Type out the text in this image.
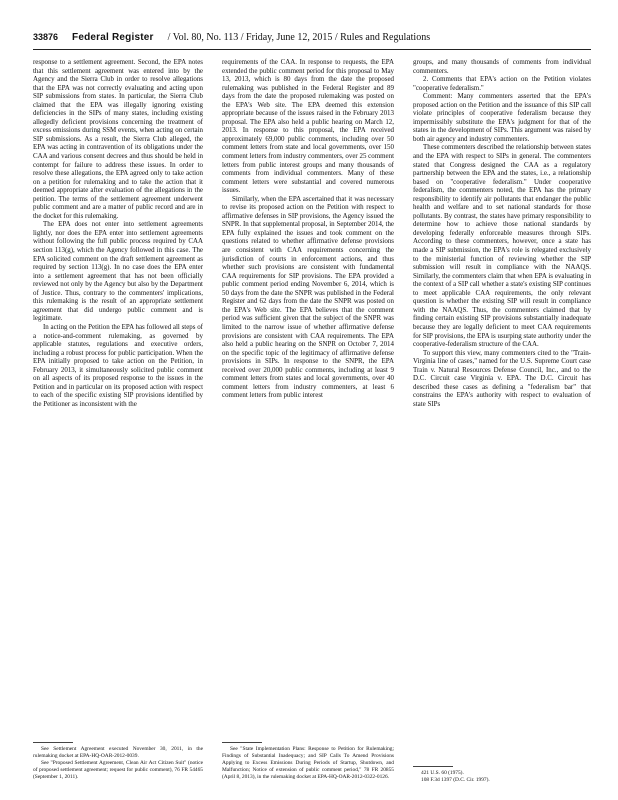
33876 Federal Register / Vol. 80, No. 113 / Friday, June 12, 2015 / Rules and Regulations

response to a settlement agreement. Second, the EPA notes that this settlement agreement was entered into by the Agency and the Sierra Club in order to resolve allegations that the EPA was not correctly evaluating and acting upon SIP submissions from states. In particular, the Sierra Club claimed that the EPA was illegally ignoring existing deficiencies in the SIPs of many states, including existing allegedly deficient provisions concerning the treatment of excess emissions during SSM events, when acting on certain SIP submissions. As a result, the Sierra Club alleged, the EPA was acting in contravention of its obligations under the CAA and various consent decrees and thus should be held in contempt for failure to address these issues. In order to resolve these allegations, the EPA agreed only to take action on a petition for rulemaking and to take the action that it deemed appropriate after evaluation of the allegations in the petition. The terms of the settlement agreement underwent public comment and are a matter of public record and are in the docket for this rulemaking.

The EPA does not enter into settlement agreements lightly, nor does the EPA enter into settlement agreements without following the full public process required by CAA section 113(g), which the Agency followed in this case. The EPA solicited comment on the draft settlement agreement as required by section 113(g). In no case does the EPA enter into a settlement agreement that has not been officially reviewed not only by the Agency but also by the Department of Justice. Thus, contrary to the commenters' implications, this rulemaking is the result of an appropriate settlement agreement that did undergo public comment and is legitimate.

In acting on the Petition the EPA has followed all steps of a notice-and-comment rulemaking, as governed by applicable statutes, regulations and executive orders, including a robust process for public participation. When the EPA initially proposed to take action on the Petition, in February 2013, it simultaneously solicited public comment on all aspects of its proposed response to the issues in the Petition and in particular on its proposed action with respect to each of the specific existing SIP provisions identified by the Petitioner as inconsistent with the

requirements of the CAA. In response to requests, the EPA extended the public comment period for this proposal to May 13, 2013, which is 80 days from the date the proposed rulemaking was published in the Federal Register and 89 days from the date the proposed rulemaking was posted on the EPA's Web site. The EPA deemed this extension appropriate because of the issues raised in the February 2013 proposal. The EPA also held a public hearing on March 12, 2013. In response to this proposal, the EPA received approximately 69,000 public comments, including over 50 comment letters from state and local governments, over 150 comment letters from industry commenters, over 25 comment letters from public interest groups and many thousands of comments from individual commenters. Many of these comment letters were substantial and covered numerous issues.

Similarly, when the EPA ascertained that it was necessary to revise its proposed action on the Petition with respect to affirmative defenses in SIP provisions, the Agency issued the SNPR. In that supplemental proposal, in September 2014, the EPA fully explained the issues and took comment on the questions related to whether affirmative defense provisions are consistent with CAA requirements concerning the jurisdiction of courts in enforcement actions, and thus whether such provisions are consistent with fundamental CAA requirements for SIP provisions. The EPA provided a public comment period ending November 6, 2014, which is 50 days from the date the SNPR was published in the Federal Register and 62 days from the date the SNPR was posted on the EPA's Web site. The EPA believes that the comment period was sufficient given that the subject of the SNPR was limited to the narrow issue of whether affirmative defense provisions are consistent with CAA requirements. The EPA also held a public hearing on the SNPR on October 7, 2014 on the specific topic of the legitimacy of affirmative defense provisions in SIPs. In response to the SNPR, the EPA received over 20,000 public comments, including at least 9 comment letters from states and local governments, over 40 comment letters from industry commenters, at least 6 comment letters from public interest

groups, and many thousands of comments from individual commenters.

2. Comments that EPA's action on the Petition violates "cooperative federalism."

Comment: Many commenters asserted that the EPA's proposed action on the Petition and the issuance of this SIP call violate principles of cooperative federalism because they impermissibly substitute the EPA's judgment for that of the states in the development of SIPs. This argument was raised by both air agency and industry commenters.

These commenters described the relationship between states and the EPA with respect to SIPs in general. The commenters stated that Congress designed the CAA as a regulatory partnership between the EPA and the states, i.e., a relationship based on "cooperative federalism." Under cooperative federalism, the commenters noted, the EPA has the primary responsibility to identify air pollutants that endanger the public health and welfare and to set national standards for those pollutants. By contrast, the states have primary responsibility to determine how to achieve those national standards by developing federally enforceable measures through SIPs. According to these commenters, however, once a state has made a SIP submission, the EPA's role is relegated exclusively to the ministerial function of reviewing whether the SIP submission will result in compliance with the NAAQS. Similarly, the commenters claim that when EPA is evaluating in the context of a SIP call whether a state's existing SIP continues to meet applicable CAA requirements, the only relevant question is whether the existing SIP will result in compliance with the NAAQS. Thus, the commenters claimed that by finding certain existing SIP provisions substantially inadequate because they are legally deficient to meet CAA requirements for SIP provisions, the EPA is usurping state authority under the cooperative-federalism structure of the CAA.

To support this view, many commenters cited to the "Train-Virginia line of cases," named for the U.S. Supreme Court case Train v. Natural Resources Defense Council, Inc., and to the D.C. Circuit case Virginia v. EPA. The D.C. Circuit has described these cases as defining a "federalism bar" that constrains the EPA's authority with respect to evaluation of state SIPs

See Settlement Agreement executed November 30, 2011, in the rulemaking docket at EPA-HQ-OAR-2012-0039.

See "Proposed Settlement Agreement, Clean Air Act Citizen Suit" (notice of proposed settlement agreement; request for public comment), 76 FR 54465 (September 1, 2011).

See "State Implementation Plans: Response to Petition for Rulemaking; Findings of Substantial Inadequacy; and SIP Calls To Amend Provisions Applying to Excess Emissions During Periods of Startup, Shutdown, and Malfunction; Notice of extension of public comment period," 78 FR 20855 (April 8, 2013), in the rulemaking docket at EPA-HQ-OAR-2012-0322-0126.

421 U.S. 60 (1975).

108 F.3d 1397 (D.C. Cir. 1997).
